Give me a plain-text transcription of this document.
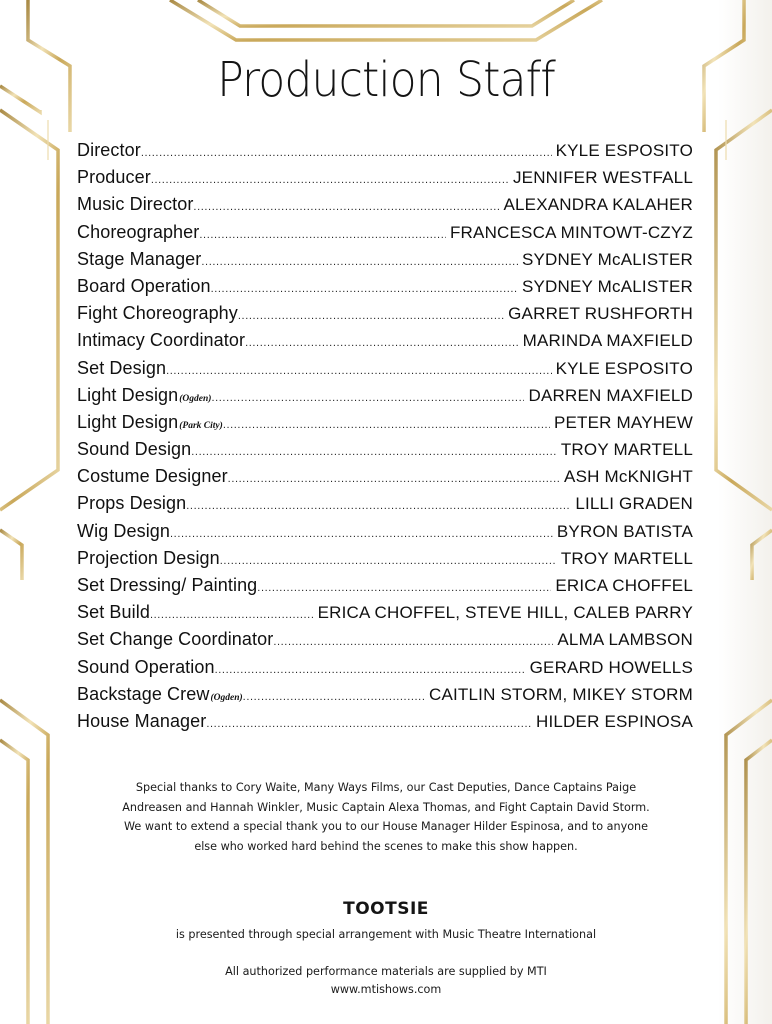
Production Staff
Director .....	KYLE ESPOSITO
Producer .....	JENNIFER WESTFALL
Music Director .....	ALEXANDRA KALAHER
Choreographer .....	FRANCESCA MINTOWT-CZYZ
Stage Manager .....	SYDNEY McALISTER
Board Operation .....	SYDNEY McALISTER
Fight Choreography .....	GARRET RUSHFORTH
Intimacy Coordinator .....	MARINDA MAXFIELD
Set Design .....	KYLE ESPOSITO
Light Design (Ogden) .....	DARREN MAXFIELD
Light Design (Park City) .....	PETER MAYHEW
Sound Design .....	TROY MARTELL
Costume Designer .....	ASH McKNIGHT
Props Design .....	LILLI GRADEN
Wig Design .....	BYRON BATISTA
Projection Design .....	TROY MARTELL
Set Dressing/ Painting .....	ERICA CHOFFEL
Set Build .....	ERICA CHOFFEL, STEVE HILL, CALEB PARRY
Set Change Coordinator .....	ALMA LAMBSON
Sound Operation .....	GERARD HOWELLS
Backstage Crew (Ogden) .....	CAITLIN STORM, MIKEY STORM
House Manager .....	HILDER ESPINOSA
Special thanks to Cory Waite, Many Ways Films, our Cast Deputies, Dance Captains Paige
Andreasen and Hannah Winkler, Music Captain Alexa Thomas, and Fight Captain David Storm.
We want to extend a special thank you to our House Manager Hilder Espinosa, and to anyone
else who worked hard behind the scenes to make this show happen.
TOOTSIE
is presented through special arrangement with Music Theatre International
All authorized performance materials are supplied by MTI
www.mtishows.com
